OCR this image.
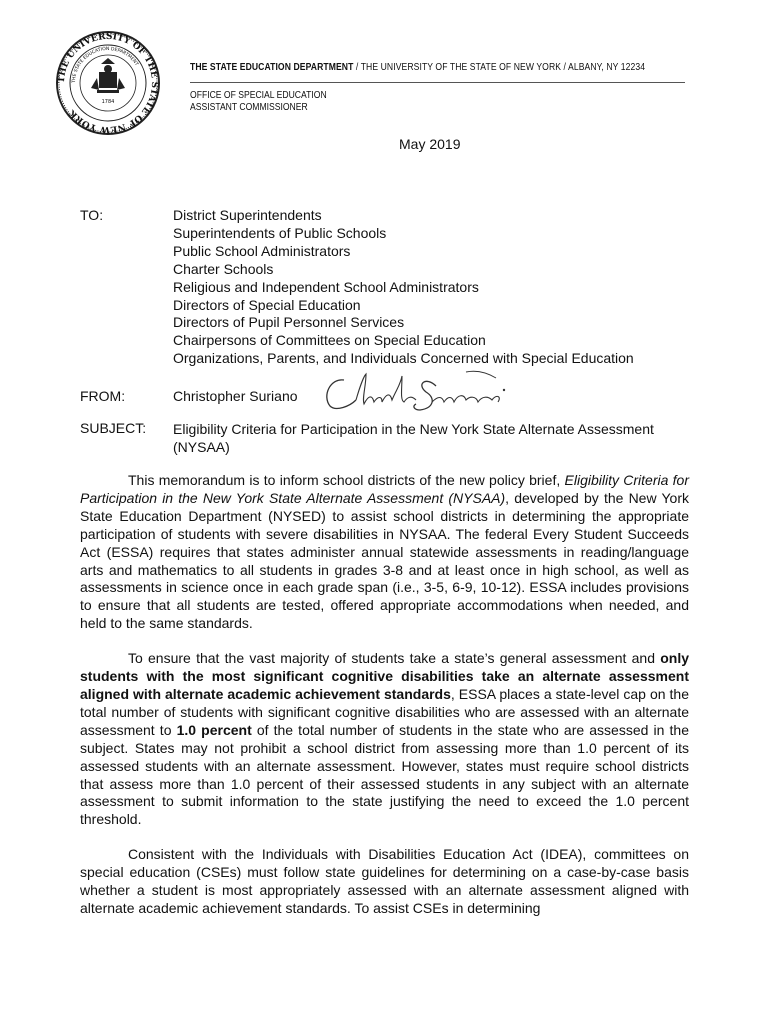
THE UNIVERSITY OF THE STATE OF NEW YORK
THE STATE EDUCATION DEPARTMENT
1784
THE STATE EDUCATION DEPARTMENT / THE UNIVERSITY OF THE STATE OF NEW YORK / ALBANY, NY 12234
OFFICE OF SPECIAL EDUCATION
ASSISTANT COMMISSIONER
May 2019
TO:	District Superintendents
Superintendents of Public Schools
Public School Administrators
Charter Schools
Religious and Independent School Administrators
Directors of Special Education
Directors of Pupil Personnel Services
Chairpersons of Committees on Special Education
Organizations, Parents, and Individuals Concerned with Special Education
FROM:	Christopher Suriano
SUBJECT: Eligibility Criteria for Participation in the New York State Alternate Assessment (NYSAA)

This memorandum is to inform school districts of the new policy brief, Eligibility Criteria for Participation in the New York State Alternate Assessment (NYSAA), developed by the New York State Education Department (NYSED) to assist school districts in determining the appropriate participation of students with severe disabilities in NYSAA. The federal Every Student Succeeds Act (ESSA) requires that states administer annual statewide assessments in reading/language arts and mathematics to all students in grades 3-8 and at least once in high school, as well as assessments in science once in each grade span (i.e., 3-5, 6-9, 10-12). ESSA includes provisions to ensure that all students are tested, offered appropriate accommodations when needed, and held to the same standards.

To ensure that the vast majority of students take a state’s general assessment and only students with the most significant cognitive disabilities take an alternate assessment aligned with alternate academic achievement standards, ESSA places a state-level cap on the total number of students with significant cognitive disabilities who are assessed with an alternate assessment to 1.0 percent of the total number of students in the state who are assessed in the subject. States may not prohibit a school district from assessing more than 1.0 percent of its assessed students with an alternate assessment. However, states must require school districts that assess more than 1.0 percent of their assessed students in any subject with an alternate assessment to submit information to the state justifying the need to exceed the 1.0 percent threshold.

Consistent with the Individuals with Disabilities Education Act (IDEA), committees on special education (CSEs) must follow state guidelines for determining on a case-by-case basis whether a student is most appropriately assessed with an alternate assessment aligned with alternate academic achievement standards. To assist CSEs in determining
